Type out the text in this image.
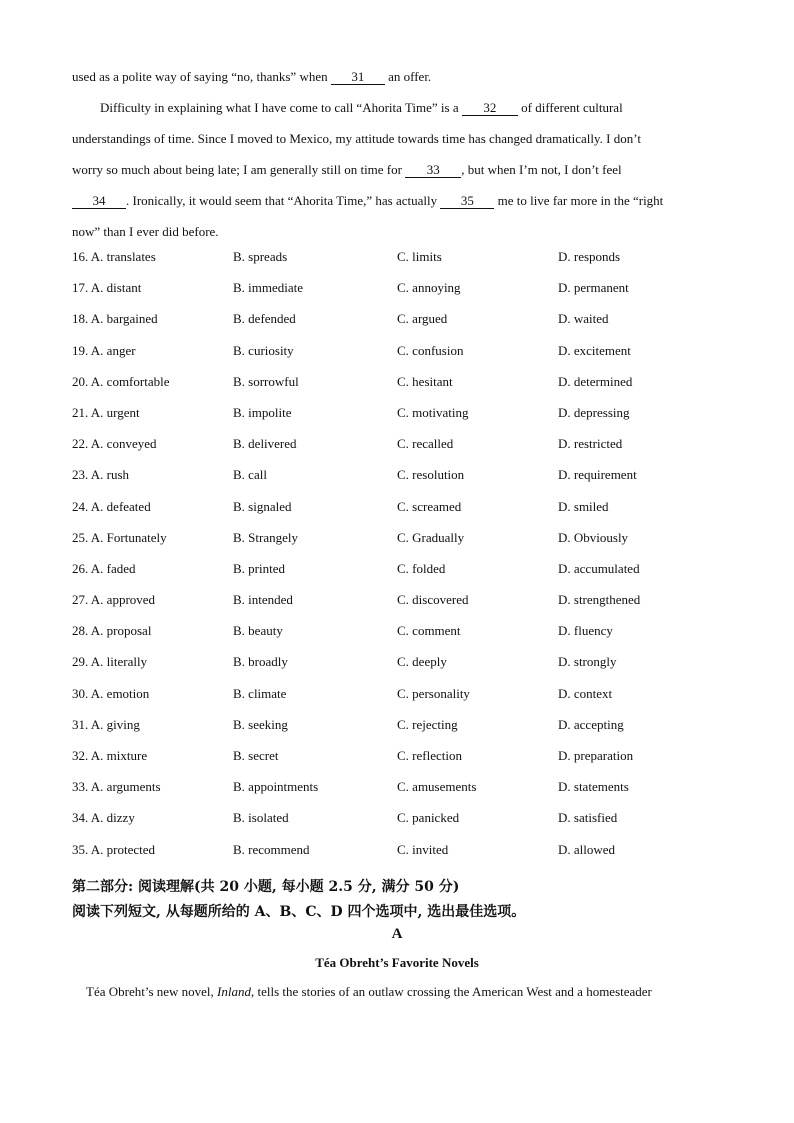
used as a polite way of saying “no, thanks” when 31 an offer.
Difficulty in explaining what I have come to call “Ahorita Time” is a 32 of different cultural
understandings of time. Since I moved to Mexico, my attitude towards time has changed dramatically. I don’t
worry so much about being late; I am generally still on time for 33 , but when I’m not, I don’t feel
34 . Ironically, it would seem that “Ahorita Time,” has actually 35 me to live far more in the “right
now” than I ever did before.
16. A. translates	B. spreads	C. limits	D. responds
17. A. distant	B. immediate	C. annoying	D. permanent
18. A. bargained	B. defended	C. argued	D. waited
19. A. anger	B. curiosity	C. confusion	D. excitement
20. A. comfortable	B. sorrowful	C. hesitant	D. determined
21. A. urgent	B. impolite	C. motivating	D. depressing
22. A. conveyed	B. delivered	C. recalled	D. restricted
23. A. rush	B. call	C. resolution	D. requirement
24. A. defeated	B. signaled	C. screamed	D. smiled
25. A. Fortunately	B. Strangely	C. Gradually	D. Obviously
26. A. faded	B. printed	C. folded	D. accumulated
27. A. approved	B. intended	C. discovered	D. strengthened
28. A. proposal	B. beauty	C. comment	D. fluency
29. A. literally	B. broadly	C. deeply	D. strongly
30. A. emotion	B. climate	C. personality	D. context
31. A. giving	B. seeking	C. rejecting	D. accepting
32. A. mixture	B. secret	C. reflection	D. preparation
33. A. arguments	B. appointments	C. amusements	D. statements
34. A. dizzy	B. isolated	C. panicked	D. satisfied
35. A. protected	B. recommend	C. invited	D. allowed
第二部分: 阅读理解(共 20 小题, 每小题 2.5 分, 满分 50 分)
阅读下列短文, 从每题所给的 A、B、C、D 四个选项中, 选出最佳选项。
A
Téa Obreht’s Favorite Novels
Téa Obreht’s new novel, Inland, tells the stories of an outlaw crossing the American West and a homesteader
